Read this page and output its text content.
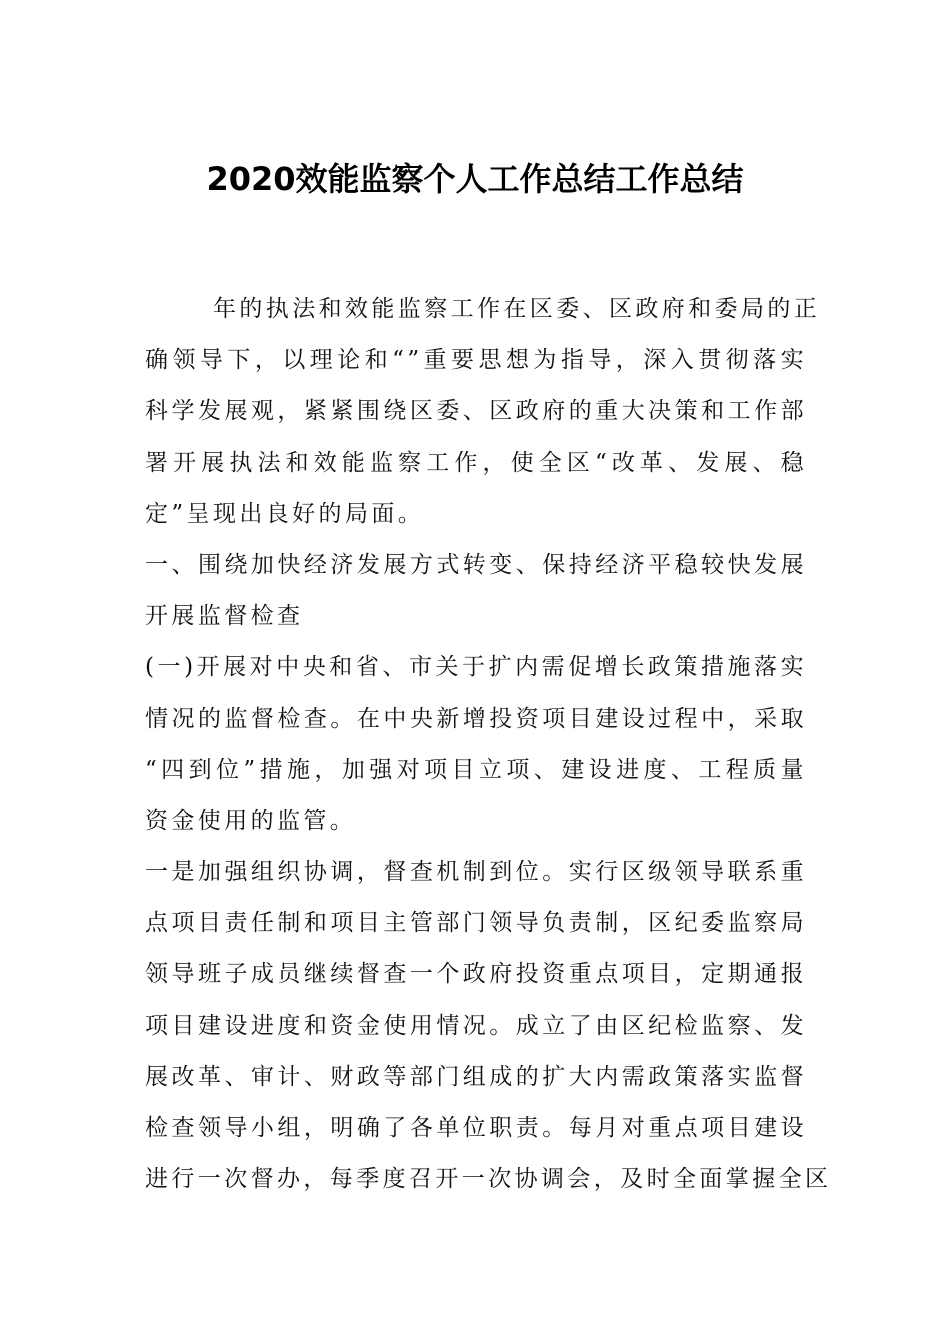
2020效能监察个人工作总结工作总结
年的执法和效能监察工作在区委、区政府和委局的正
确领导下，以理论和“”重要思想为指导，深入贯彻落实
科学发展观，紧紧围绕区委、区政府的重大决策和工作部
署开展执法和效能监察工作，使全区“改革、发展、稳
定”呈现出良好的局面。
一、围绕加快经济发展方式转变、保持经济平稳较快发展
开展监督检查
(一)开展对中央和省、市关于扩内需促增长政策措施落实
情况的监督检查。在中央新增投资项目建设过程中，采取
“四到位”措施，加强对项目立项、建设进度、工程质量
资金使用的监管。
一是加强组织协调，督查机制到位。实行区级领导联系重
点项目责任制和项目主管部门领导负责制，区纪委监察局
领导班子成员继续督查一个政府投资重点项目，定期通报
项目建设进度和资金使用情况。成立了由区纪检监察、发
展改革、审计、财政等部门组成的扩大内需政策落实监督
检查领导小组，明确了各单位职责。每月对重点项目建设
进行一次督办，每季度召开一次协调会，及时全面掌握全区
